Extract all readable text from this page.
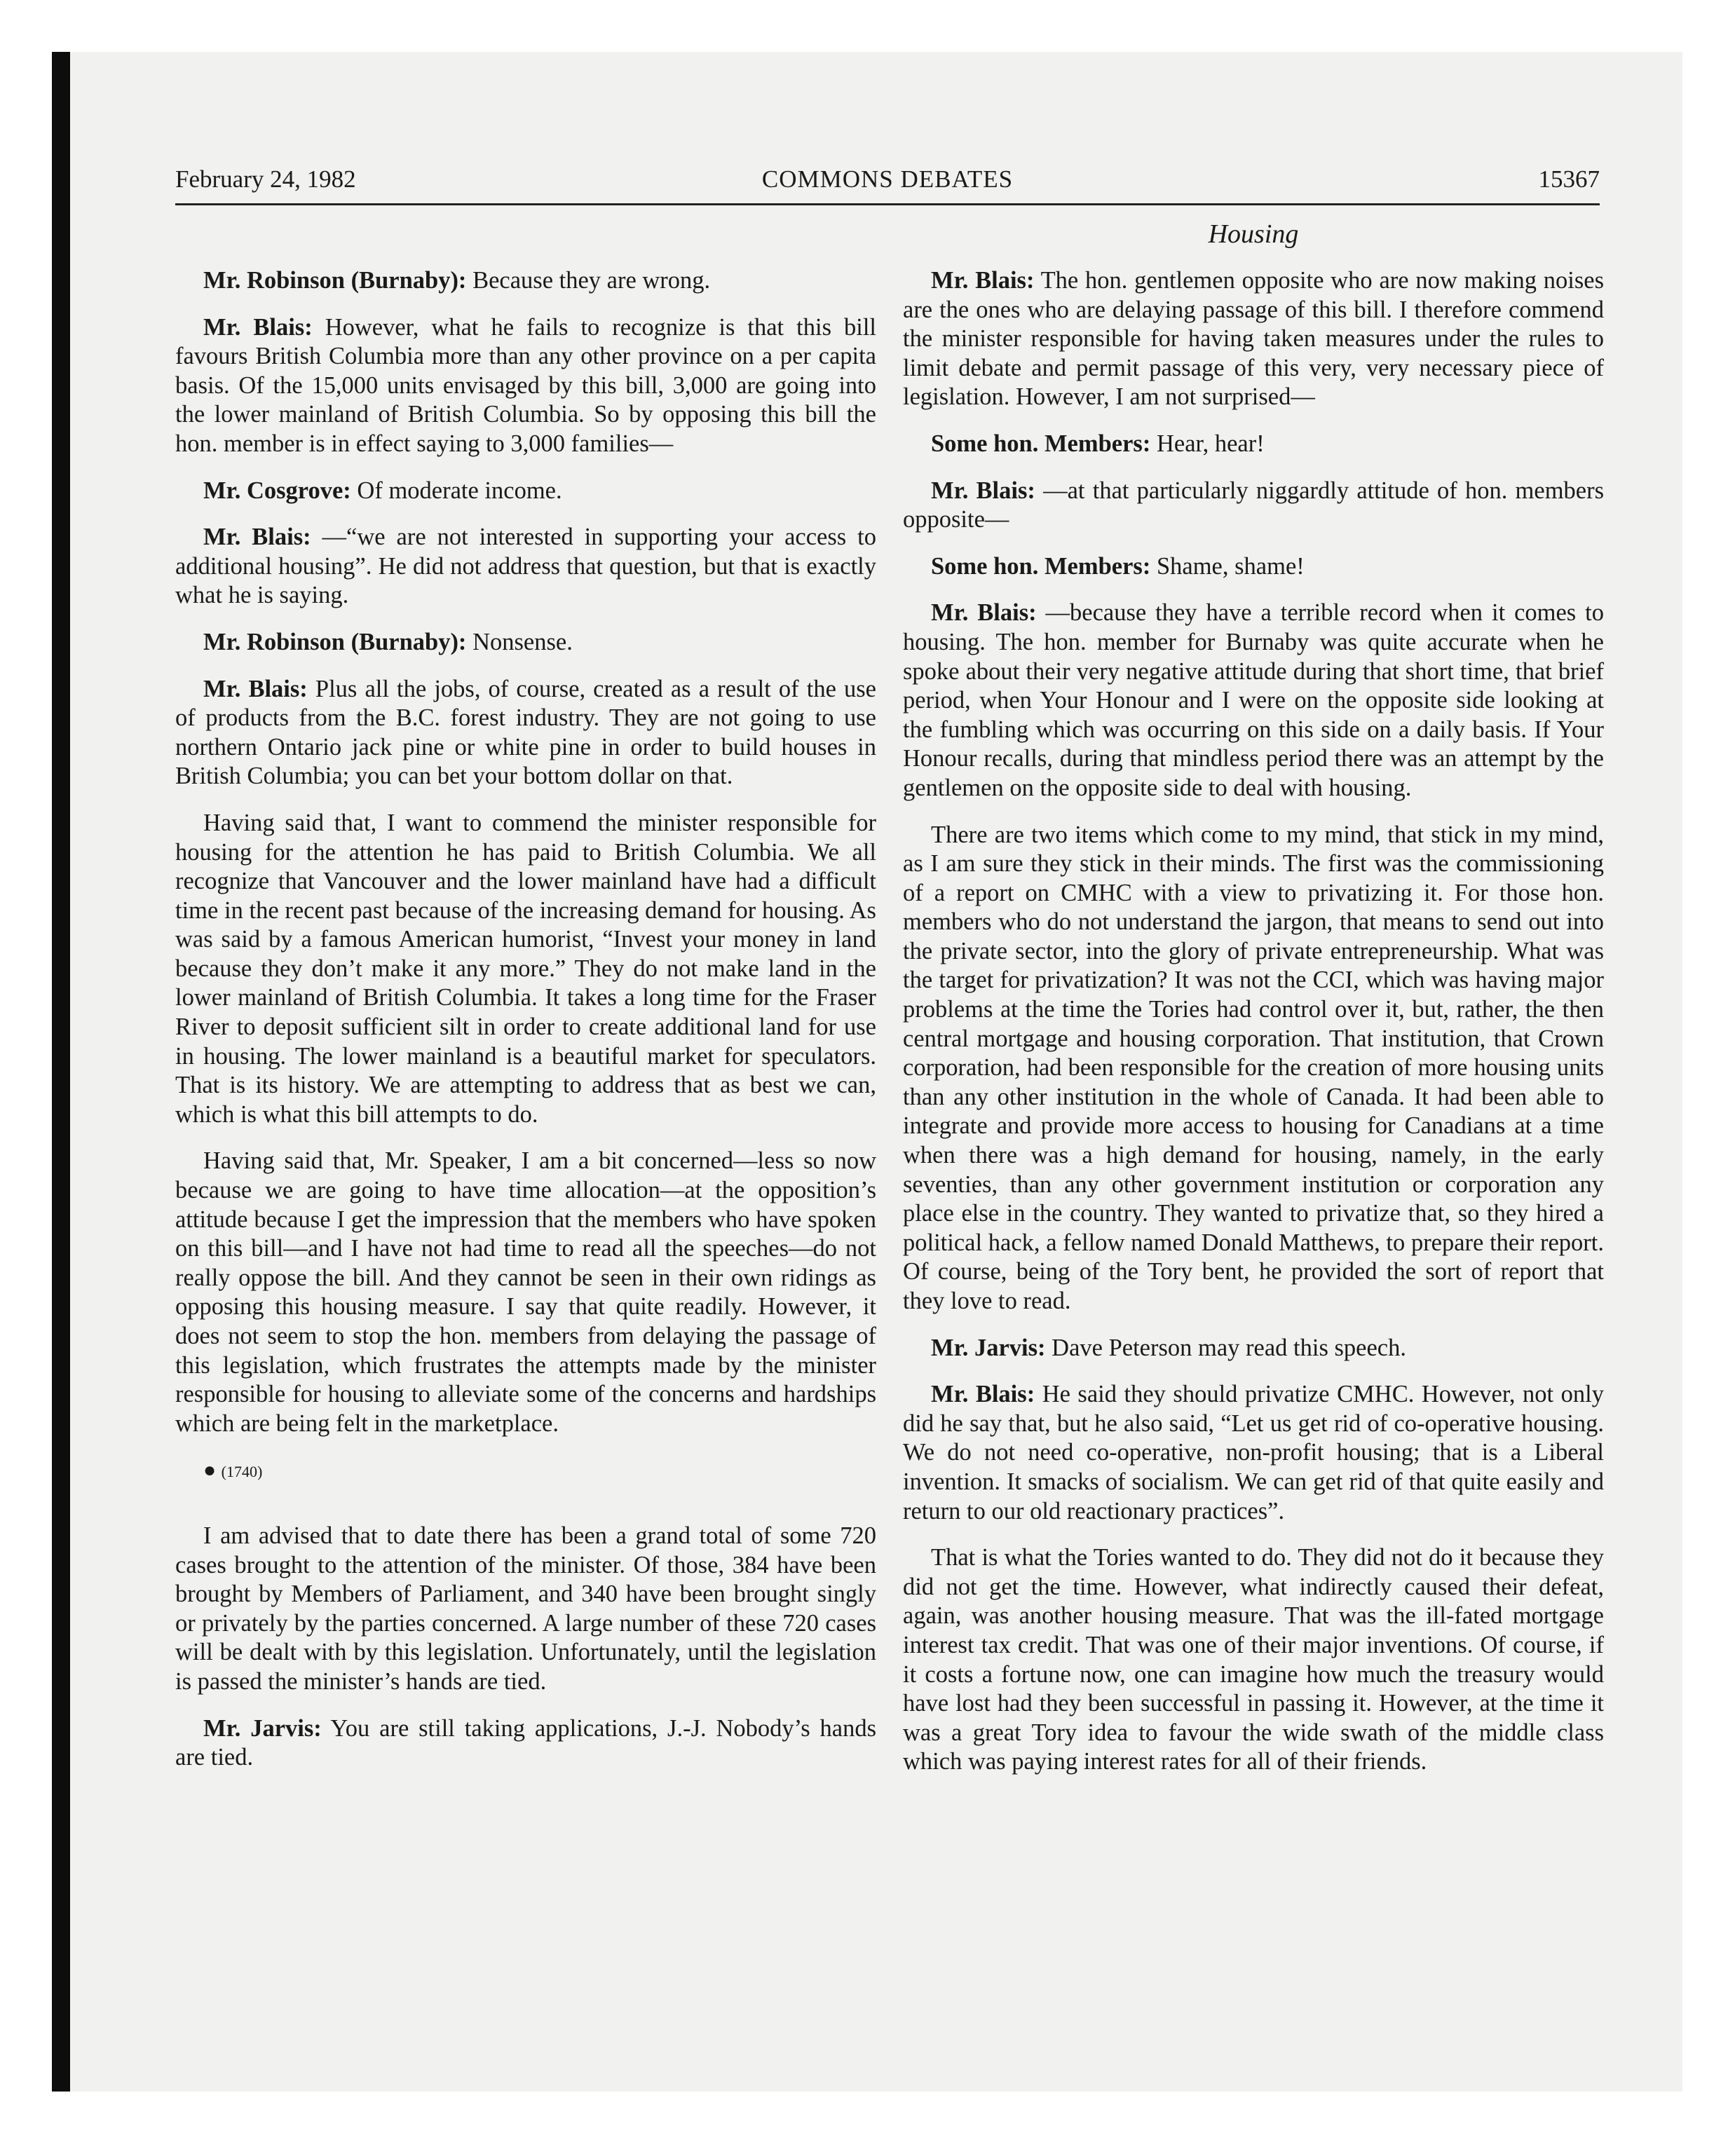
February 24, 1982	COMMONS DEBATES	15367
Housing

Mr. Robinson (Burnaby): Because they are wrong.

Mr. Blais: However, what he fails to recognize is that this bill favours British Columbia more than any other province on a per capita basis. Of the 15,000 units envisaged by this bill, 3,000 are going into the lower mainland of British Columbia. So by opposing this bill the hon. member is in effect saying to 3,000 families—

Mr. Cosgrove: Of moderate income.

Mr. Blais: —“we are not interested in supporting your access to additional housing”. He did not address that question, but that is exactly what he is saying.

Mr. Robinson (Burnaby): Nonsense.

Mr. Blais: Plus all the jobs, of course, created as a result of the use of products from the B.C. forest industry. They are not going to use northern Ontario jack pine or white pine in order to build houses in British Columbia; you can bet your bottom dollar on that.

Having said that, I want to commend the minister responsible for housing for the attention he has paid to British Columbia. We all recognize that Vancouver and the lower mainland have had a difficult time in the recent past because of the increasing demand for housing. As was said by a famous American humorist, “Invest your money in land because they don’t make it any more.” They do not make land in the lower mainland of British Columbia. It takes a long time for the Fraser River to deposit sufficient silt in order to create additional land for use in housing. The lower mainland is a beautiful market for speculators. That is its history. We are attempting to address that as best we can, which is what this bill attempts to do.

Having said that, Mr. Speaker, I am a bit concerned—less so now because we are going to have time allocation—at the opposition’s attitude because I get the impression that the members who have spoken on this bill—and I have not had time to read all the speeches—do not really oppose the bill. And they cannot be seen in their own ridings as opposing this housing measure. I say that quite readily. However, it does not seem to stop the hon. members from delaying the passage of this legislation, which frustrates the attempts made by the minister responsible for housing to alleviate some of the concerns and hardships which are being felt in the marketplace.

● (1740)

I am advised that to date there has been a grand total of some 720 cases brought to the attention of the minister. Of those, 384 have been brought by Members of Parliament, and 340 have been brought singly or privately by the parties concerned. A large number of these 720 cases will be dealt with by this legislation. Unfortunately, until the legislation is passed the minister’s hands are tied.

Mr. Jarvis: You are still taking applications, J.-J. Nobody’s hands are tied.

Mr. Blais: The hon. gentlemen opposite who are now making noises are the ones who are delaying passage of this bill. I therefore commend the minister responsible for having taken measures under the rules to limit debate and permit passage of this very, very necessary piece of legislation. However, I am not surprised—

Some hon. Members: Hear, hear!

Mr. Blais: —at that particularly niggardly attitude of hon. members opposite—

Some hon. Members: Shame, shame!

Mr. Blais: —because they have a terrible record when it comes to housing. The hon. member for Burnaby was quite accurate when he spoke about their very negative attitude during that short time, that brief period, when Your Honour and I were on the opposite side looking at the fumbling which was occurring on this side on a daily basis. If Your Honour recalls, during that mindless period there was an attempt by the gentlemen on the opposite side to deal with housing.

There are two items which come to my mind, that stick in my mind, as I am sure they stick in their minds. The first was the commissioning of a report on CMHC with a view to privatizing it. For those hon. members who do not understand the jargon, that means to send out into the private sector, into the glory of private entrepreneurship. What was the target for privatization? It was not the CCI, which was having major problems at the time the Tories had control over it, but, rather, the then central mortgage and housing corporation. That institution, that Crown corporation, had been responsible for the creation of more housing units than any other institution in the whole of Canada. It had been able to integrate and provide more access to housing for Canadians at a time when there was a high demand for housing, namely, in the early seventies, than any other government institution or corporation any place else in the country. They wanted to privatize that, so they hired a political hack, a fellow named Donald Matthews, to prepare their report. Of course, being of the Tory bent, he provided the sort of report that they love to read.

Mr. Jarvis: Dave Peterson may read this speech.

Mr. Blais: He said they should privatize CMHC. However, not only did he say that, but he also said, “Let us get rid of co-operative housing. We do not need co-operative, non-profit housing; that is a Liberal invention. It smacks of socialism. We can get rid of that quite easily and return to our old reactionary practices”.

That is what the Tories wanted to do. They did not do it because they did not get the time. However, what indirectly caused their defeat, again, was another housing measure. That was the ill-fated mortgage interest tax credit. That was one of their major inventions. Of course, if it costs a fortune now, one can imagine how much the treasury would have lost had they been successful in passing it. However, at the time it was a great Tory idea to favour the wide swath of the middle class which was paying interest rates for all of their friends.
